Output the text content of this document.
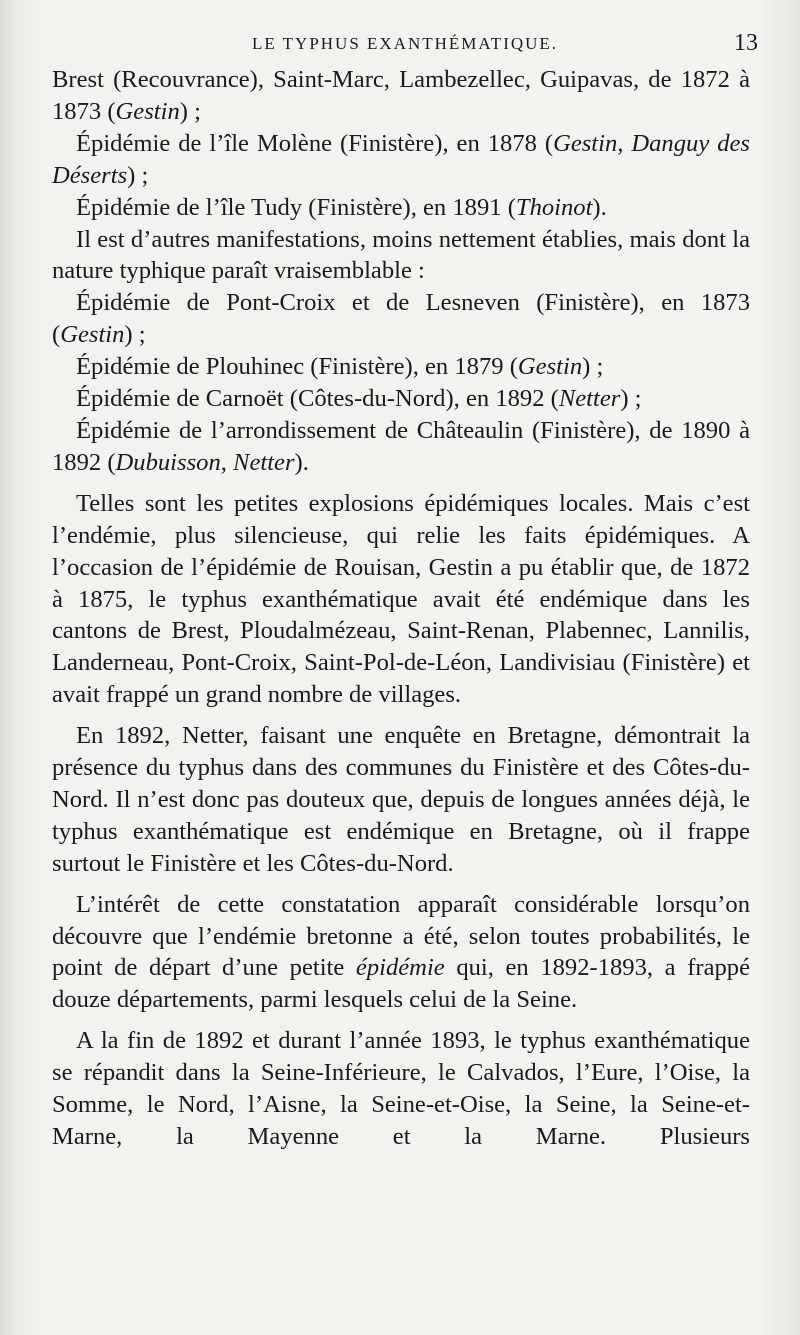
LE TYPHUS EXANTHÉMATIQUE.	13

Brest (Recouvrance), Saint-Marc, Lambezellec, Guipavas, de 1872 à 1873 (Gestin) ;

Épidémie de l’île Molène (Finistère), en 1878 (Gestin, Danguy des Déserts) ;

Épidémie de l’île Tudy (Finistère), en 1891 (Thoinot).

Il est d’autres manifestations, moins nettement établies, mais dont la nature typhique paraît vraisemblable :

Épidémie de Pont-Croix et de Lesneven (Finistère), en 1873 (Gestin) ;

Épidémie de Plouhinec (Finistère), en 1879 (Gestin) ;

Épidémie de Carnoët (Côtes-du-Nord), en 1892 (Netter) ;

Épidémie de l’arrondissement de Châteaulin (Finistère), de 1890 à 1892 (Dubuisson, Netter).

Telles sont les petites explosions épidémiques locales. Mais c’est l’endémie, plus silencieuse, qui relie les faits épidémiques. A l’occasion de l’épidémie de Rouisan, Gestin a pu établir que, de 1872 à 1875, le typhus exanthématique avait été endémique dans les cantons de Brest, Ploudalmézeau, Saint-Renan, Plabennec, Lannilis, Landerneau, Pont-Croix, Saint-Pol-de-Léon, Landivisiau (Finistère) et avait frappé un grand nombre de villages.

En 1892, Netter, faisant une enquête en Bretagne, démontrait la présence du typhus dans des communes du Finistère et des Côtes-du-Nord. Il n’est donc pas douteux que, depuis de longues années déjà, le typhus exanthématique est endémique en Bretagne, où il frappe surtout le Finistère et les Côtes-du-Nord.

L’intérêt de cette constatation apparaît considérable lorsqu’on découvre que l’endémie bretonne a été, selon toutes probabilités, le point de départ d’une petite épidémie qui, en 1892-1893, a frappé douze départements, parmi lesquels celui de la Seine.

A la fin de 1892 et durant l’année 1893, le typhus exanthématique se répandit dans la Seine-Inférieure, le Calvados, l’Eure, l’Oise, la Somme, le Nord, l’Aisne, la Seine-et-Oise, la Seine, la Seine-et-Marne, la Mayenne et la Marne. Plusieurs
